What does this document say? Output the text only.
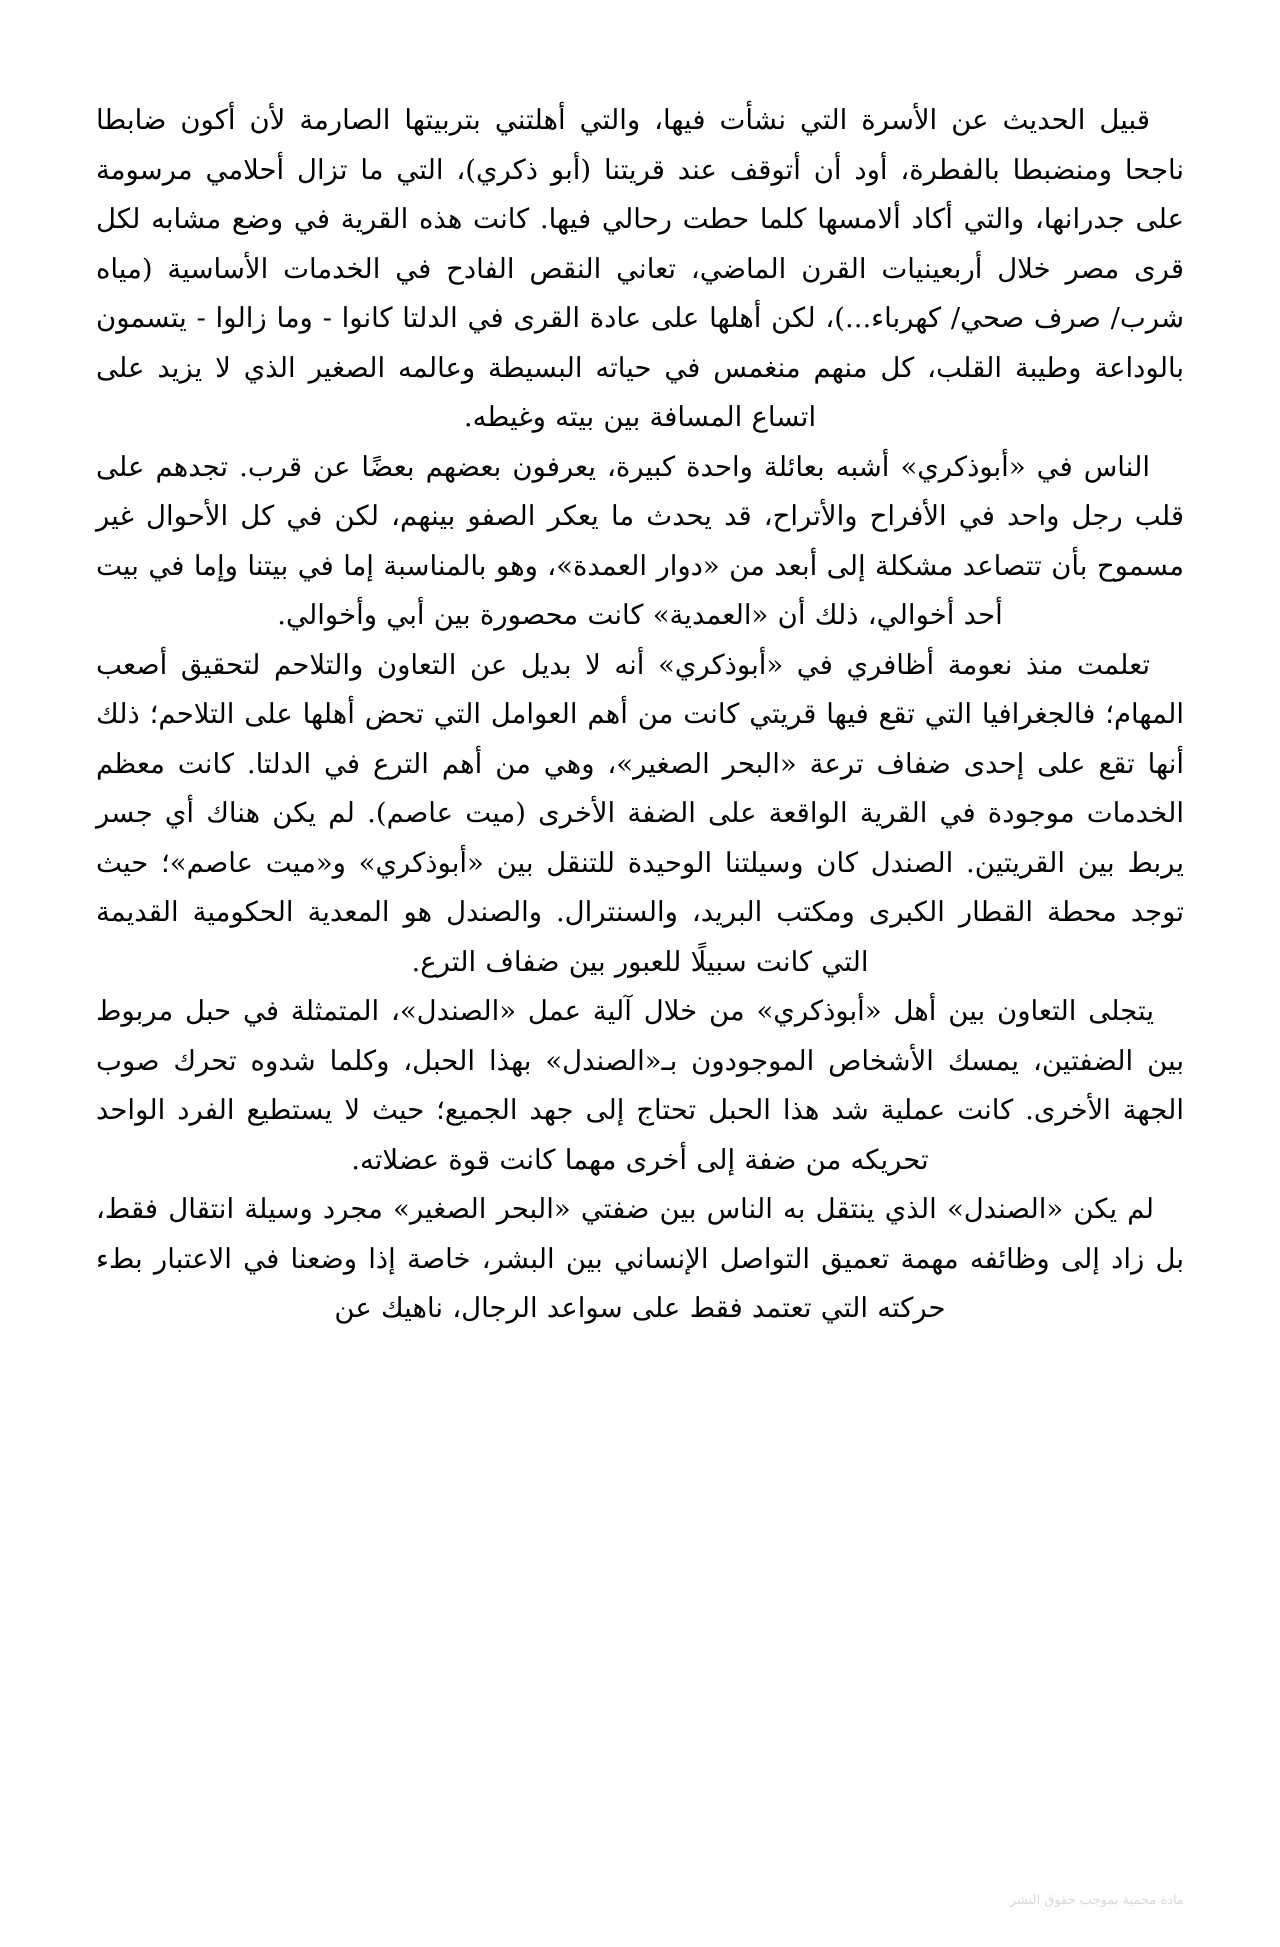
قبيل الحديث عن الأسرة التي نشأت فيها، والتي أهلتني بتربيتها الصارمة لأن أكون ضابطا ناجحا ومنضبطا بالفطرة، أود أن أتوقف عند قريتنا (أبو ذكري)، التي ما تزال أحلامي مرسومة على جدرانها، والتي أكاد ألامسها كلما حطت رحالي فيها. كانت هذه القرية في وضع مشابه لكل قرى مصر خلال أربعينيات القرن الماضي، تعاني النقص الفادح في الخدمات الأساسية (مياه شرب/ صرف صحي/ كهرباء...)، لكن أهلها على عادة القرى في الدلتا كانوا - وما زالوا - يتسمون بالوداعة وطيبة القلب، كل منهم منغمس في حياته البسيطة وعالمه الصغير الذي لا يزيد على اتساع المسافة بين بيته وغيطه.

الناس في «أبوذكري» أشبه بعائلة واحدة كبيرة، يعرفون بعضهم بعضًا عن قرب. تجدهم على قلب رجل واحد في الأفراح والأتراح، قد يحدث ما يعكر الصفو بينهم، لكن في كل الأحوال غير مسموح بأن تتصاعد مشكلة إلى أبعد من «دوار العمدة»، وهو بالمناسبة إما في بيتنا وإما في بيت أحد أخوالي، ذلك أن «العمدية» كانت محصورة بين أبي وأخوالي.

تعلمت منذ نعومة أظافري في «أبوذكري» أنه لا بديل عن التعاون والتلاحم لتحقيق أصعب المهام؛ فالجغرافيا التي تقع فيها قريتي كانت من أهم العوامل التي تحض أهلها على التلاحم؛ ذلك أنها تقع على إحدى ضفاف ترعة «البحر الصغير»، وهي من أهم الترع في الدلتا. كانت معظم الخدمات موجودة في القرية الواقعة على الضفة الأخرى (ميت عاصم). لم يكن هناك أي جسر يربط بين القريتين. الصندل كان وسيلتنا الوحيدة للتنقل بين «أبوذكري» و«ميت عاصم»؛ حيث توجد محطة القطار الكبرى ومكتب البريد، والسنترال. والصندل هو المعدية الحكومية القديمة التي كانت سبيلًا للعبور بين ضفاف الترع.

يتجلى التعاون بين أهل «أبوذكري» من خلال آلية عمل «الصندل»، المتمثلة في حبل مربوط بين الضفتين، يمسك الأشخاص الموجودون بـ«الصندل» بهذا الحبل، وكلما شدوه تحرك صوب الجهة الأخرى. كانت عملية شد هذا الحبل تحتاج إلى جهد الجميع؛ حيث لا يستطيع الفرد الواحد تحريكه من ضفة إلى أخرى مهما كانت قوة عضلاته.

لم يكن «الصندل» الذي ينتقل به الناس بين ضفتي «البحر الصغير» مجرد وسيلة انتقال فقط، بل زاد إلى وظائفه مهمة تعميق التواصل الإنساني بين البشر، خاصة إذا وضعنا في الاعتبار بطء حركته التي تعتمد فقط على سواعد الرجال، ناهيك عن

مادة محمية بموجب حقوق النشر
